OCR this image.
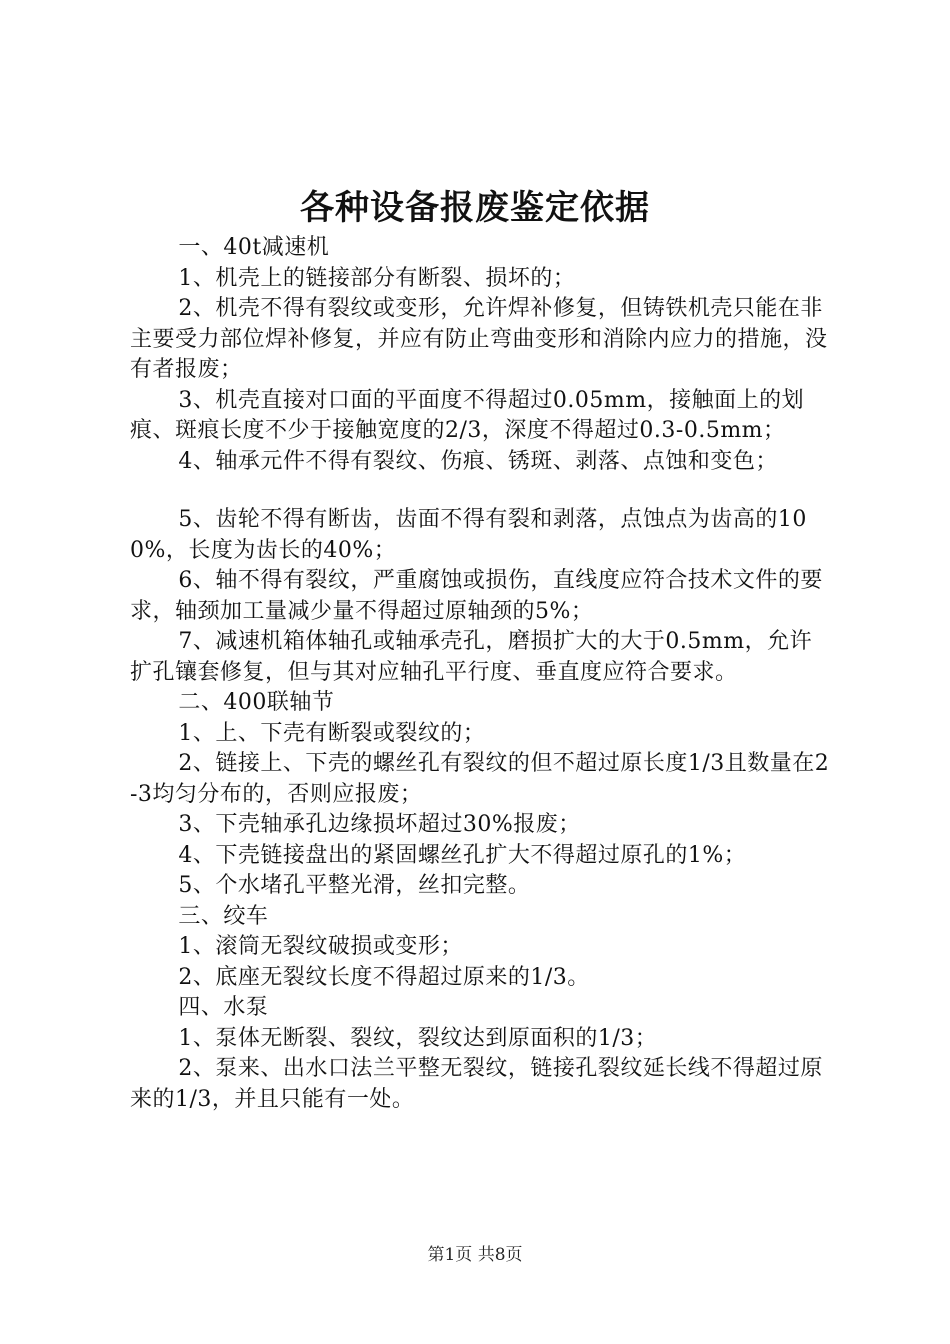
各种设备报废鉴定依据

一、40t减速机

1、机壳上的链接部分有断裂、损坏的；

2、机壳不得有裂纹或变形，允许焊补修复，但铸铁机壳只能在非主要受力部位焊补修复，并应有防止弯曲变形和消除内应力的措施，没有者报废；

3、机壳直接对口面的平面度不得超过0.05mm，接触面上的划痕、斑痕长度不少于接触宽度的2/3，深度不得超过0.3-0.5mm；

4、轴承元件不得有裂纹、伤痕、锈斑、剥落、点蚀和变色；

5、齿轮不得有断齿，齿面不得有裂和剥落，点蚀点为齿高的100%，长度为齿长的40%；

6、轴不得有裂纹，严重腐蚀或损伤，直线度应符合技术文件的要求，轴颈加工量减少量不得超过原轴颈的5%；

7、减速机箱体轴孔或轴承壳孔，磨损扩大的大于0.5mm，允许扩孔镶套修复，但与其对应轴孔平行度、垂直度应符合要求。

二、400联轴节

1、上、下壳有断裂或裂纹的；

2、链接上、下壳的螺丝孔有裂纹的但不超过原长度1/3且数量在2-3均匀分布的，否则应报废；

3、下壳轴承孔边缘损坏超过30%报废；

4、下壳链接盘出的紧固螺丝孔扩大不得超过原孔的1%；

5、个水堵孔平整光滑，丝扣完整。

三、绞车

1、滚筒无裂纹破损或变形；

2、底座无裂纹长度不得超过原来的1/3。

四、水泵

1、泵体无断裂、裂纹，裂纹达到原面积的1/3；

2、泵来、出水口法兰平整无裂纹，链接孔裂纹延长线不得超过原来的1/3，并且只能有一处。

第1页 共8页
